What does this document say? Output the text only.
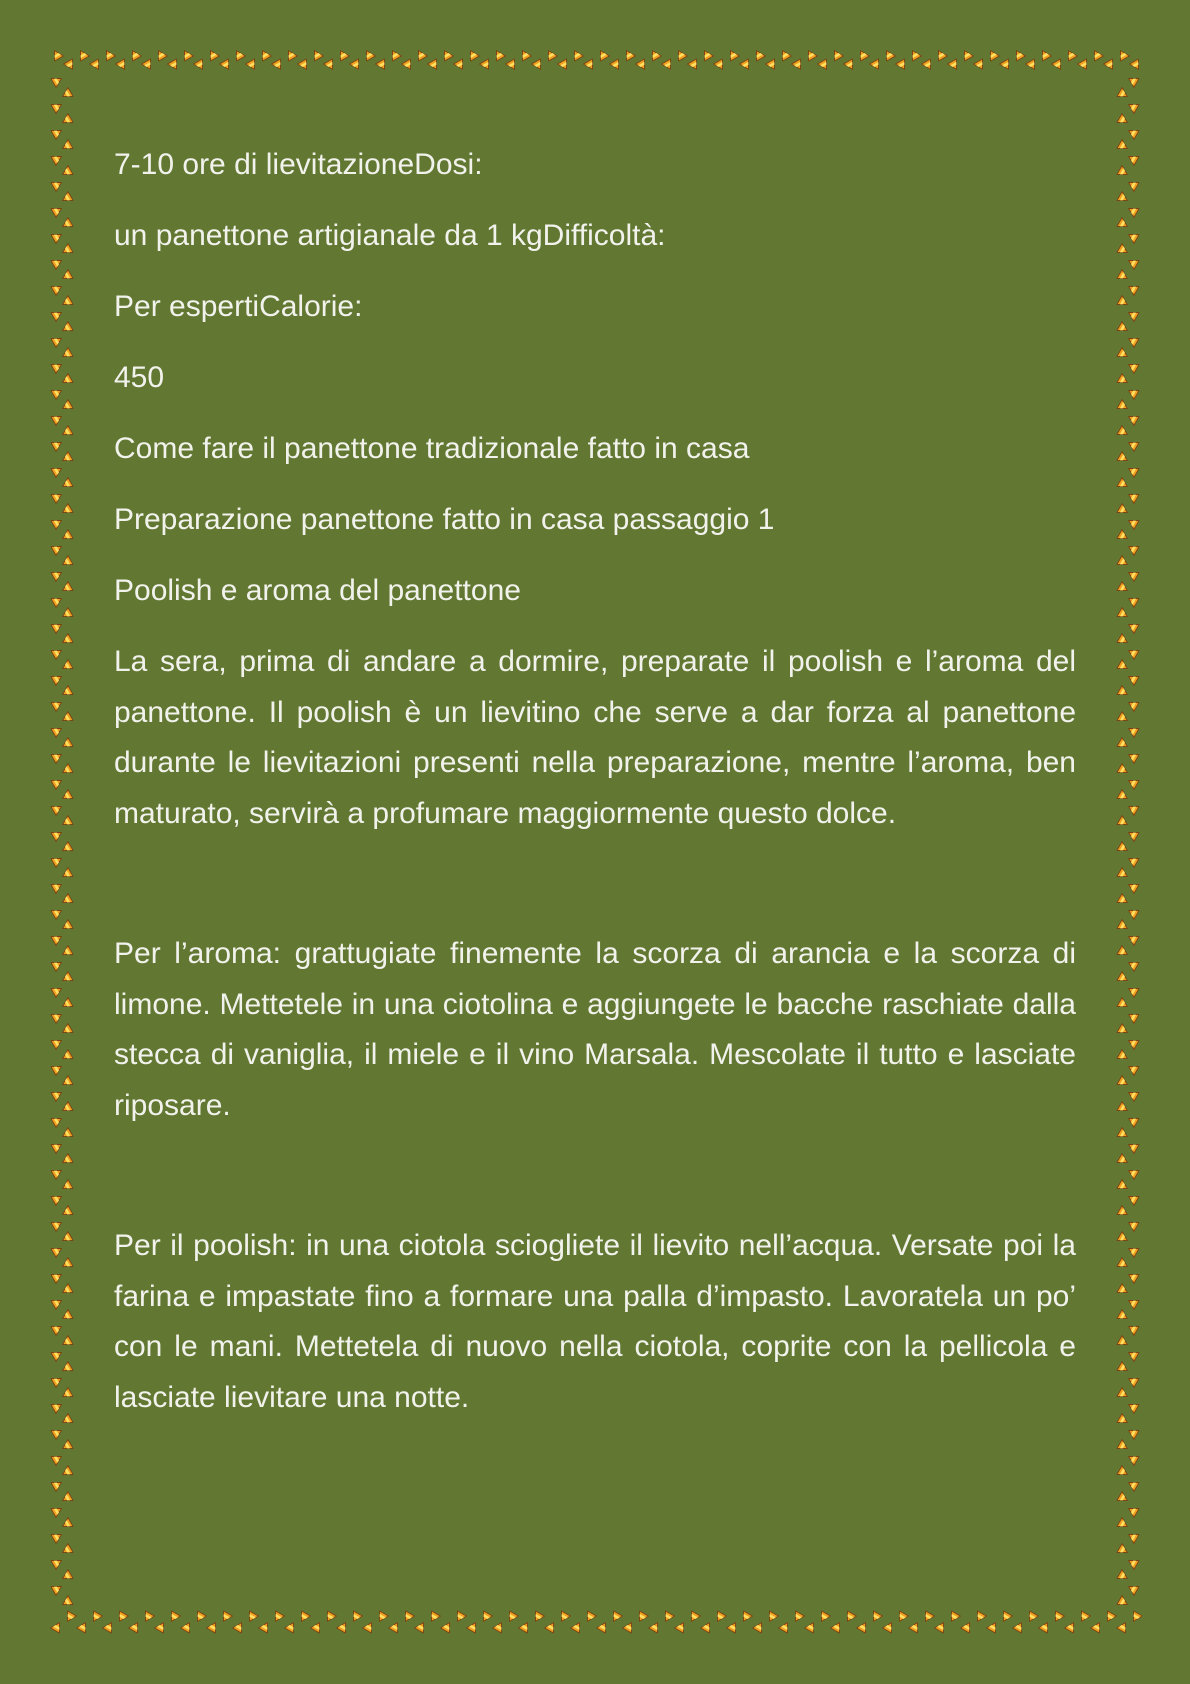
7-10 ore di lievitazioneDosi:

un panettone artigianale da 1 kgDifficoltà:

Per espertiCalorie:

450

Come fare il panettone tradizionale fatto in casa

Preparazione panettone fatto in casa passaggio 1

Poolish e aroma del panettone

La sera, prima di andare a dormire, preparate il poolish e l’aroma del panettone. Il poolish è un lievitino che serve a dar forza al panettone durante le lievitazioni presenti nella preparazione, mentre l’aroma, ben maturato, servirà a profumare maggiormente questo dolce.

Per l’aroma: grattugiate finemente la scorza di arancia e la scorza di limone. Mettetele in una ciotolina e aggiungete le bacche raschiate dalla stecca di vaniglia, il miele e il vino Marsala. Mescolate il tutto e lasciate riposare.

Per il poolish: in una ciotola sciogliete il lievito nell’acqua. Versate poi la farina e impastate fino a formare una palla d’impasto. Lavoratela un po’ con le mani. Mettetela di nuovo nella ciotola, coprite con la pellicola e lasciate lievitare una notte.
